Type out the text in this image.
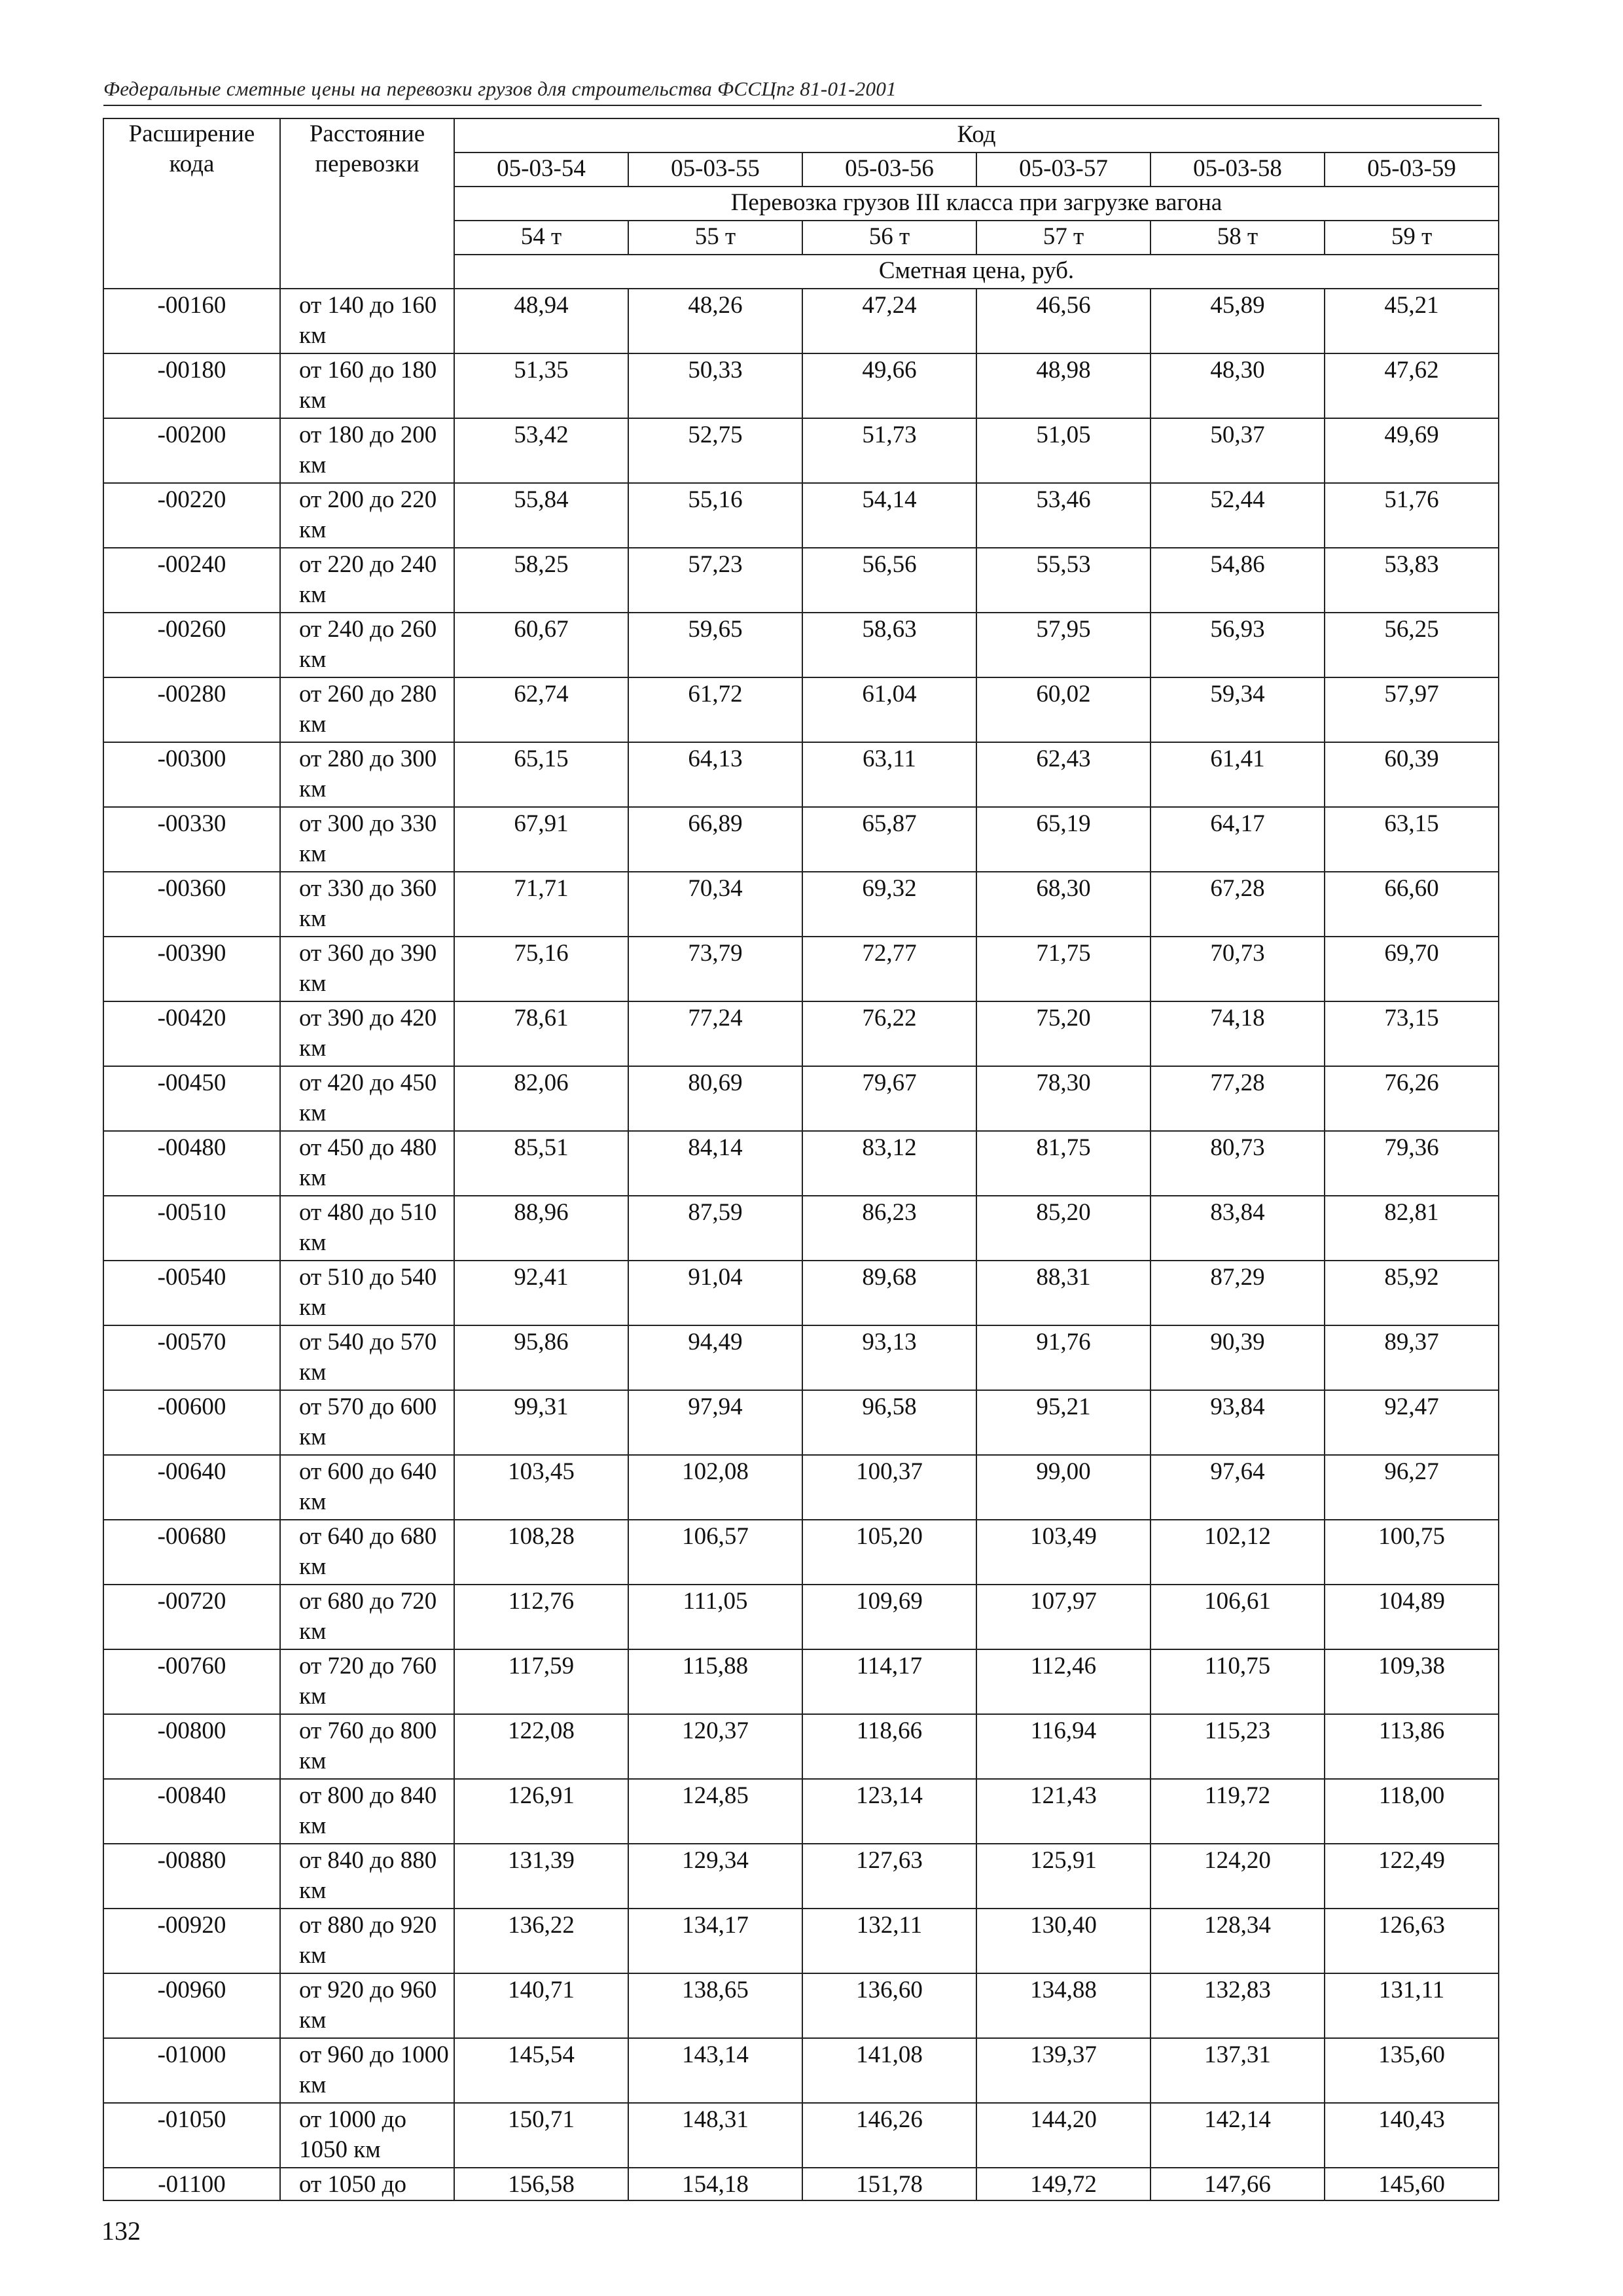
Федеральные сметные цены на перевозки грузов для строительства ФССЦпг 81-01-2001
Расширение кода	Расстояние перевозки	Код					
		05-03-54	05-03-55	05-03-56	05-03-57	05-03-58	05-03-59
		Перевозка грузов III класса при загрузке вагона					
		54 т	55 т	56 т	57 т	58 т	59 т
		Сметная цена, руб.					
-00160	от 140 до 160 км	48,94	48,26	47,24	46,56	45,89	45,21
-00180	от 160 до 180 км	51,35	50,33	49,66	48,98	48,30	47,62
-00200	от 180 до 200 км	53,42	52,75	51,73	51,05	50,37	49,69
-00220	от 200 до 220 км	55,84	55,16	54,14	53,46	52,44	51,76
-00240	от 220 до 240 км	58,25	57,23	56,56	55,53	54,86	53,83
-00260	от 240 до 260 км	60,67	59,65	58,63	57,95	56,93	56,25
-00280	от 260 до 280 км	62,74	61,72	61,04	60,02	59,34	57,97
-00300	от 280 до 300 км	65,15	64,13	63,11	62,43	61,41	60,39
-00330	от 300 до 330 км	67,91	66,89	65,87	65,19	64,17	63,15
-00360	от 330 до 360 км	71,71	70,34	69,32	68,30	67,28	66,60
-00390	от 360 до 390 км	75,16	73,79	72,77	71,75	70,73	69,70
-00420	от 390 до 420 км	78,61	77,24	76,22	75,20	74,18	73,15
-00450	от 420 до 450 км	82,06	80,69	79,67	78,30	77,28	76,26
-00480	от 450 до 480 км	85,51	84,14	83,12	81,75	80,73	79,36
-00510	от 480 до 510 км	88,96	87,59	86,23	85,20	83,84	82,81
-00540	от 510 до 540 км	92,41	91,04	89,68	88,31	87,29	85,92
-00570	от 540 до 570 км	95,86	94,49	93,13	91,76	90,39	89,37
-00600	от 570 до 600 км	99,31	97,94	96,58	95,21	93,84	92,47
-00640	от 600 до 640 км	103,45	102,08	100,37	99,00	97,64	96,27
-00680	от 640 до 680 км	108,28	106,57	105,20	103,49	102,12	100,75
-00720	от 680 до 720 км	112,76	111,05	109,69	107,97	106,61	104,89
-00760	от 720 до 760 км	117,59	115,88	114,17	112,46	110,75	109,38
-00800	от 760 до 800 км	122,08	120,37	118,66	116,94	115,23	113,86
-00840	от 800 до 840 км	126,91	124,85	123,14	121,43	119,72	118,00
-00880	от 840 до 880 км	131,39	129,34	127,63	125,91	124,20	122,49
-00920	от 880 до 920 км	136,22	134,17	132,11	130,40	128,34	126,63
-00960	от 920 до 960 км	140,71	138,65	136,60	134,88	132,83	131,11
-01000	от 960 до 1000 км	145,54	143,14	141,08	139,37	137,31	135,60
-01050	от 1000 до 1050 км	150,71	148,31	146,26	144,20	142,14	140,43
-01100	от 1050 до	156,58	154,18	151,78	149,72	147,66	145,60
132
